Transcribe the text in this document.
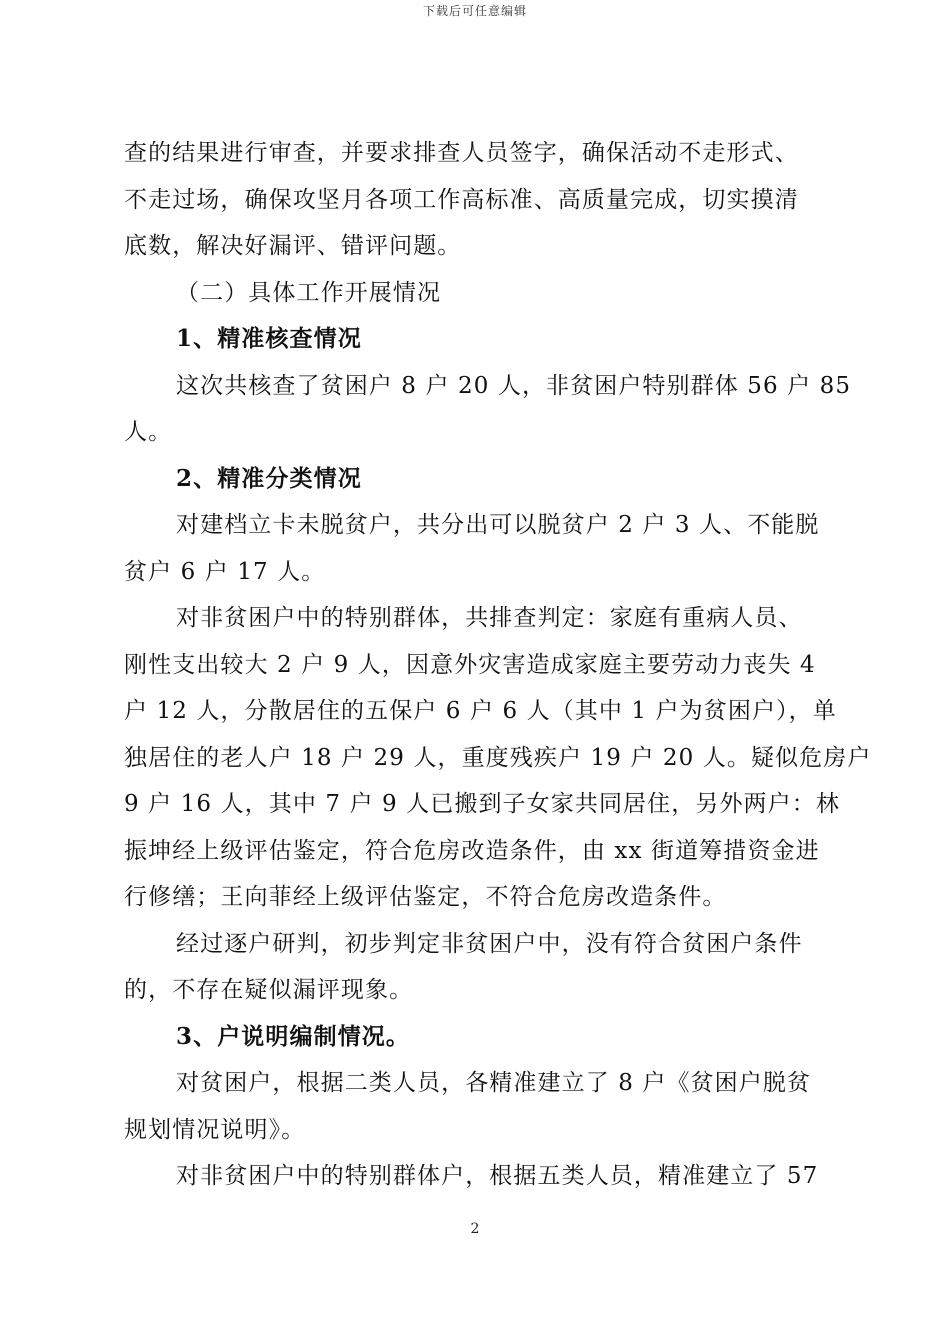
下载后可任意编辑

查的结果进行审查，并要求排查人员签字，确保活动不走形式、

不走过场，确保攻坚月各项工作高标准、高质量完成，切实摸清

底数，解决好漏评、错评问题。

（二）具体工作开展情况

1、精准核查情况

这次共核查了贫困户 8 户 20 人，非贫困户特别群体 56 户 85

人。

2、精准分类情况

对建档立卡未脱贫户，共分出可以脱贫户 2 户 3 人、不能脱

贫户 6 户 17 人。

对非贫困户中的特别群体，共排查判定：家庭有重病人员、

刚性支出较大 2 户 9 人，因意外灾害造成家庭主要劳动力丧失 4

户 12 人，分散居住的五保户 6 户 6 人（其中 1 户为贫困户），单

独居住的老人户 18 户 29 人，重度残疾户 19 户 20 人。疑似危房户

9 户 16 人，其中 7 户 9 人已搬到子女家共同居住，另外两户：林

振坤经上级评估鉴定，符合危房改造条件，由 xx 街道筹措资金进

行修缮；王向菲经上级评估鉴定，不符合危房改造条件。

经过逐户研判，初步判定非贫困户中，没有符合贫困户条件

的，不存在疑似漏评现象。

3、户说明编制情况。

对贫困户，根据二类人员，各精准建立了 8 户《贫困户脱贫

规划情况说明》。

对非贫困户中的特别群体户，根据五类人员，精准建立了 57

2
